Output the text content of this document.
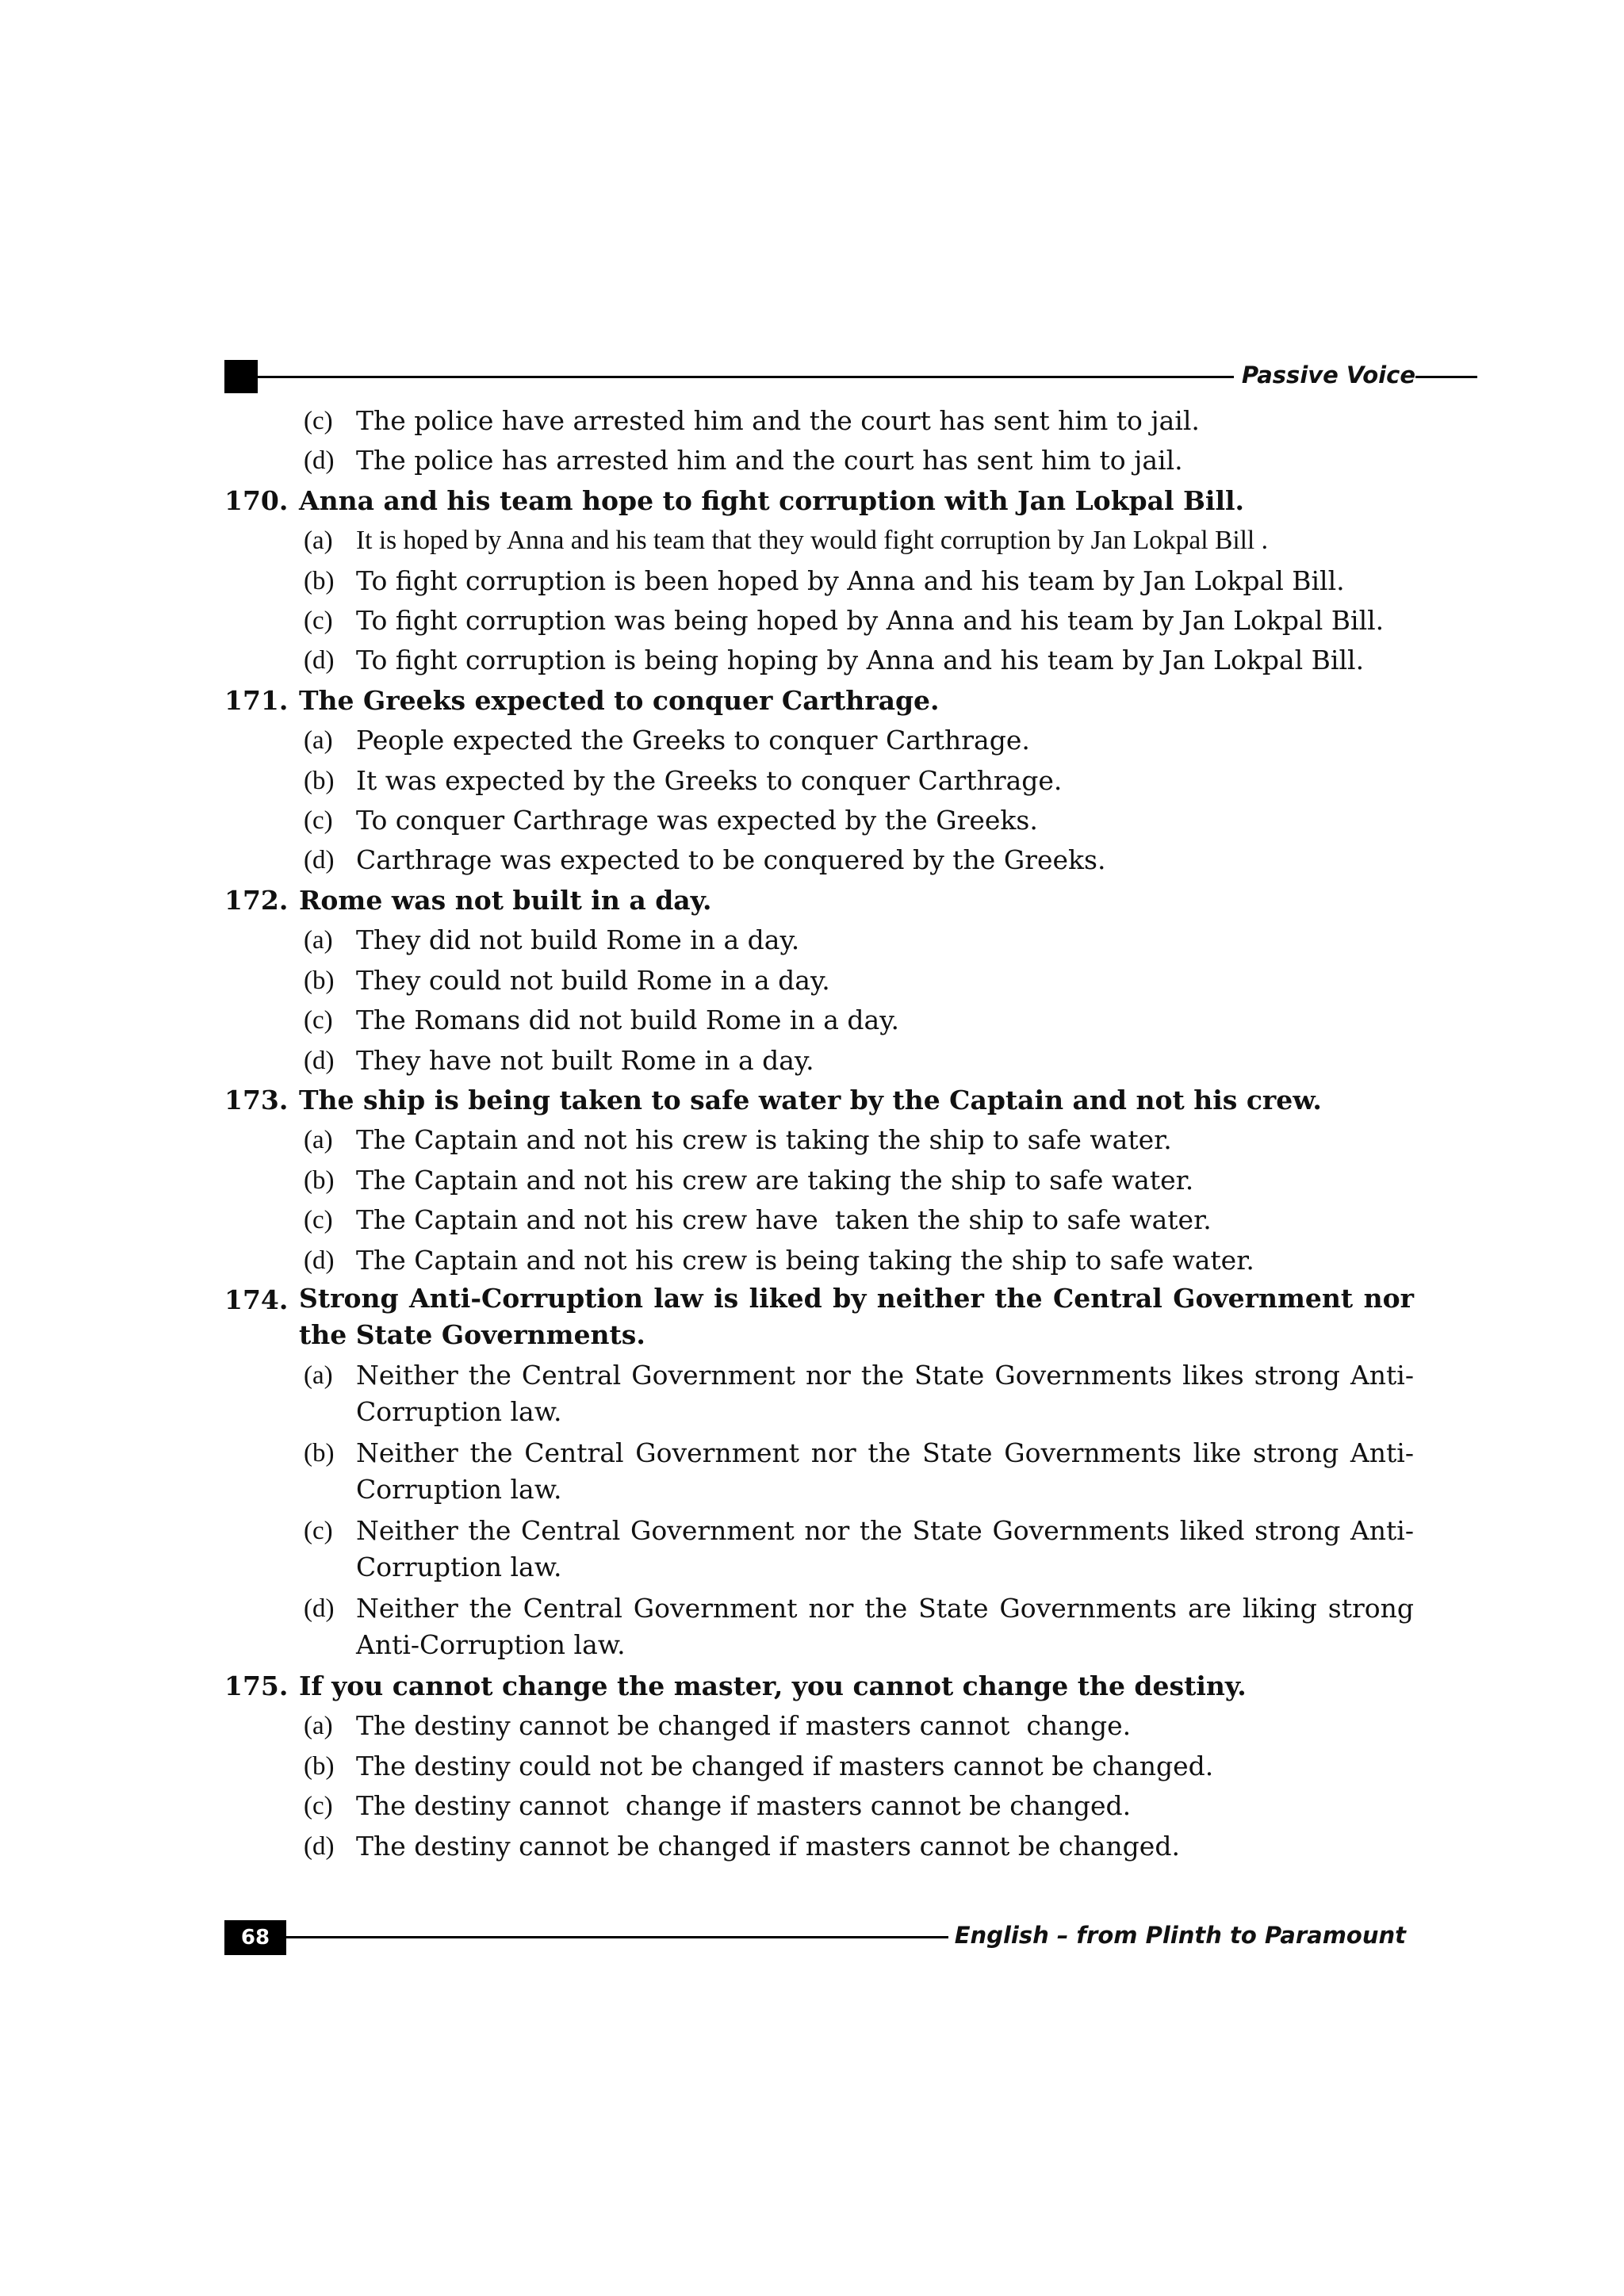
Passive Voice
(c) The police have arrested him and the court has sent him to jail.
(d) The police has arrested him and the court has sent him to jail.
170. Anna and his team hope to fight corruption with Jan Lokpal Bill.
(a) It is hoped by Anna and his team that they would fight corruption by Jan Lokpal Bill .
(b) To fight corruption is been hoped by Anna and his team by Jan Lokpal Bill.
(c) To fight corruption was being hoped by Anna and his team by Jan Lokpal Bill.
(d) To fight corruption is being hoping by Anna and his team by Jan Lokpal Bill.
171. The Greeks expected to conquer Carthrage.
(a) People expected the Greeks to conquer Carthrage.
(b) It was expected by the Greeks to conquer Carthrage.
(c) To conquer Carthrage was expected by the Greeks.
(d) Carthrage was expected to be conquered by the Greeks.
172. Rome was not built in a day.
(a) They did not build Rome in a day.
(b) They could not build Rome in a day.
(c) The Romans did not build Rome in a day.
(d) They have not built Rome in a day.
173. The ship is being taken to safe water by the Captain and not his crew.
(a) The Captain and not his crew is taking the ship to safe water.
(b) The Captain and not his crew are taking the ship to safe water.
(c) The Captain and not his crew have  taken the ship to safe water.
(d) The Captain and not his crew is being taking the ship to safe water.
174. Strong Anti-Corruption law is liked by neither the Central Government nor the State Governments.
(a) Neither the Central Government nor the State Governments likes strong Anti-Corruption law.
(b) Neither the Central Government nor the State Governments like strong Anti-Corruption law.
(c) Neither the Central Government nor the State Governments liked strong Anti-Corruption law.
(d) Neither the Central Government nor the State Governments are liking strong Anti-Corruption law.
175. If you cannot change the master, you cannot change the destiny.
(a) The destiny cannot be changed if masters cannot  change.
(b) The destiny could not be changed if masters cannot be changed.
(c) The destiny cannot  change if masters cannot be changed.
(d) The destiny cannot be changed if masters cannot be changed.
68	English – from Plinth to Paramount
